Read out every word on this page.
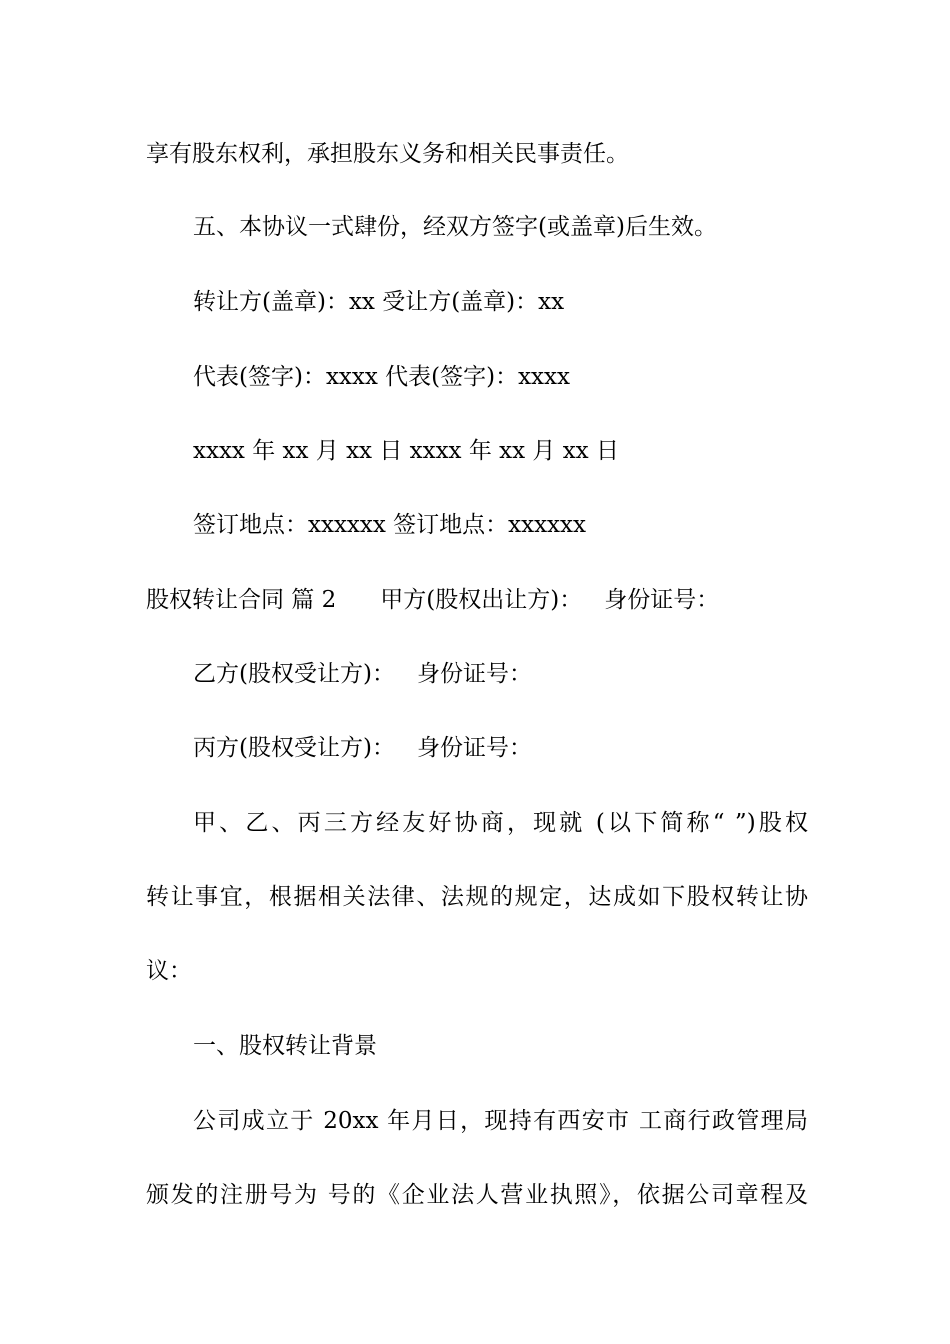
享有股东权利，承担股东义务和相关民事责任。
五、本协议一式肆份，经双方签字(或盖章)后生效。
转让方(盖章)：xx 受让方(盖章)：xx
代表(签字)：xxxx 代表(签字)：xxxx
xxxx 年 xx 月 xx 日 xxxx 年 xx 月 xx 日
签订地点：xxxxxx 签订地点：xxxxxx
股权转让合同 篇 2 甲方(股权出让方)： 身份证号：
乙方(股权受让方)： 身份证号：
丙方(股权受让方)： 身份证号：
甲、乙、丙三方经友好协商，现就 (以下简称“ ”)股权
转让事宜，根据相关法律、法规的规定，达成如下股权转让协
议：
一、股权转让背景
公司成立于 20xx 年月日，现持有西安市 工商行政管理局
颁发的注册号为 号的《企业法人营业执照》，依据公司章程及
